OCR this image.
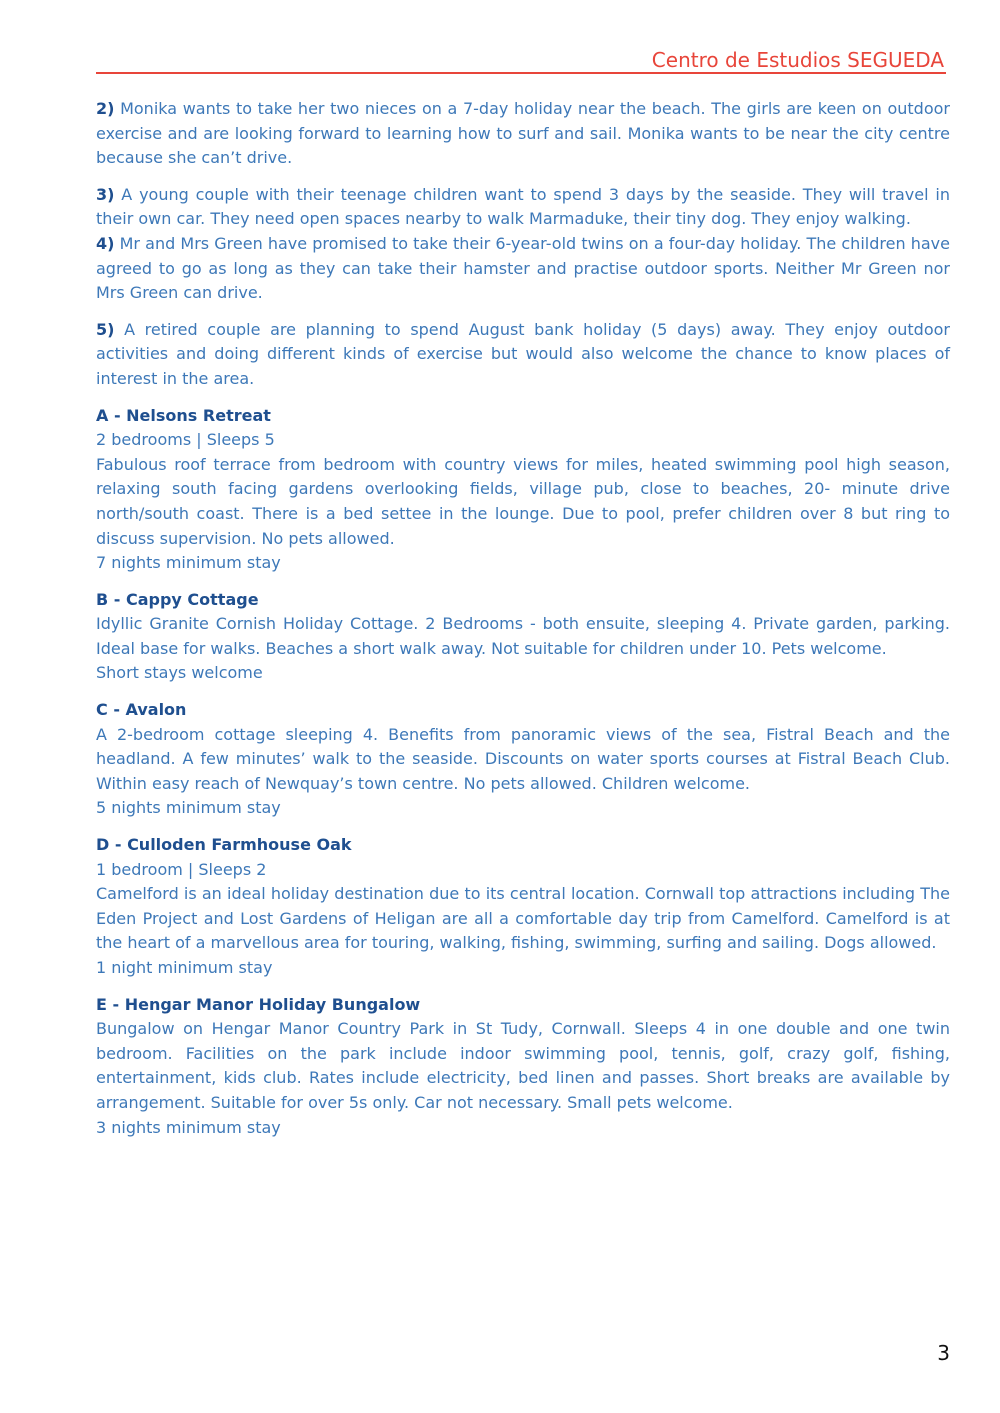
Centro de Estudios SEGUEDA

2) Monika wants to take her two nieces on a 7-day holiday near the beach. The girls are keen on outdoor exercise and are looking forward to learning how to surf and sail. Monika wants to be near the city centre because she can’t drive.

3) A young couple with their teenage children want to spend 3 days by the seaside. They will travel in their own car. They need open spaces nearby to walk Marmaduke, their tiny dog. They enjoy walking.

4) Mr and Mrs Green have promised to take their 6-year-old twins on a four-day holiday. The children have agreed to go as long as they can take their hamster and practise outdoor sports. Neither Mr Green nor Mrs Green can drive.

5) A retired couple are planning to spend August bank holiday (5 days) away. They enjoy outdoor activities and doing different kinds of exercise but would also welcome the chance to know places of interest in the area.

A - Nelsons Retreat

2 bedrooms | Sleeps 5

Fabulous roof terrace from bedroom with country views for miles, heated swimming pool high season, relaxing south facing gardens overlooking fields, village pub, close to beaches, 20- minute drive north/south coast. There is a bed settee in the lounge. Due to pool, prefer children over 8 but ring to discuss supervision. No pets allowed.

7 nights minimum stay

B - Cappy Cottage

Idyllic Granite Cornish Holiday Cottage. 2 Bedrooms - both ensuite, sleeping 4. Private garden, parking. Ideal base for walks. Beaches a short walk away. Not suitable for children under 10. Pets welcome.

Short stays welcome

C - Avalon

A 2-bedroom cottage sleeping 4. Benefits from panoramic views of the sea, Fistral Beach and the headland. A few minutes’ walk to the seaside. Discounts on water sports courses at Fistral Beach Club. Within easy reach of Newquay’s town centre. No pets allowed. Children welcome.

5 nights minimum stay

D - Culloden Farmhouse Oak

1 bedroom | Sleeps 2

Camelford is an ideal holiday destination due to its central location. Cornwall top attractions including The Eden Project and Lost Gardens of Heligan are all a comfortable day trip from Camelford. Camelford is at the heart of a marvellous area for touring, walking, fishing, swimming, surfing and sailing. Dogs allowed.

1 night minimum stay

E - Hengar Manor Holiday Bungalow

Bungalow on Hengar Manor Country Park in St Tudy, Cornwall. Sleeps 4 in one double and one twin bedroom. Facilities on the park include indoor swimming pool, tennis, golf, crazy golf, fishing, entertainment, kids club. Rates include electricity, bed linen and passes. Short breaks are available by arrangement. Suitable for over 5s only. Car not necessary. Small pets welcome.

3 nights minimum stay

3
